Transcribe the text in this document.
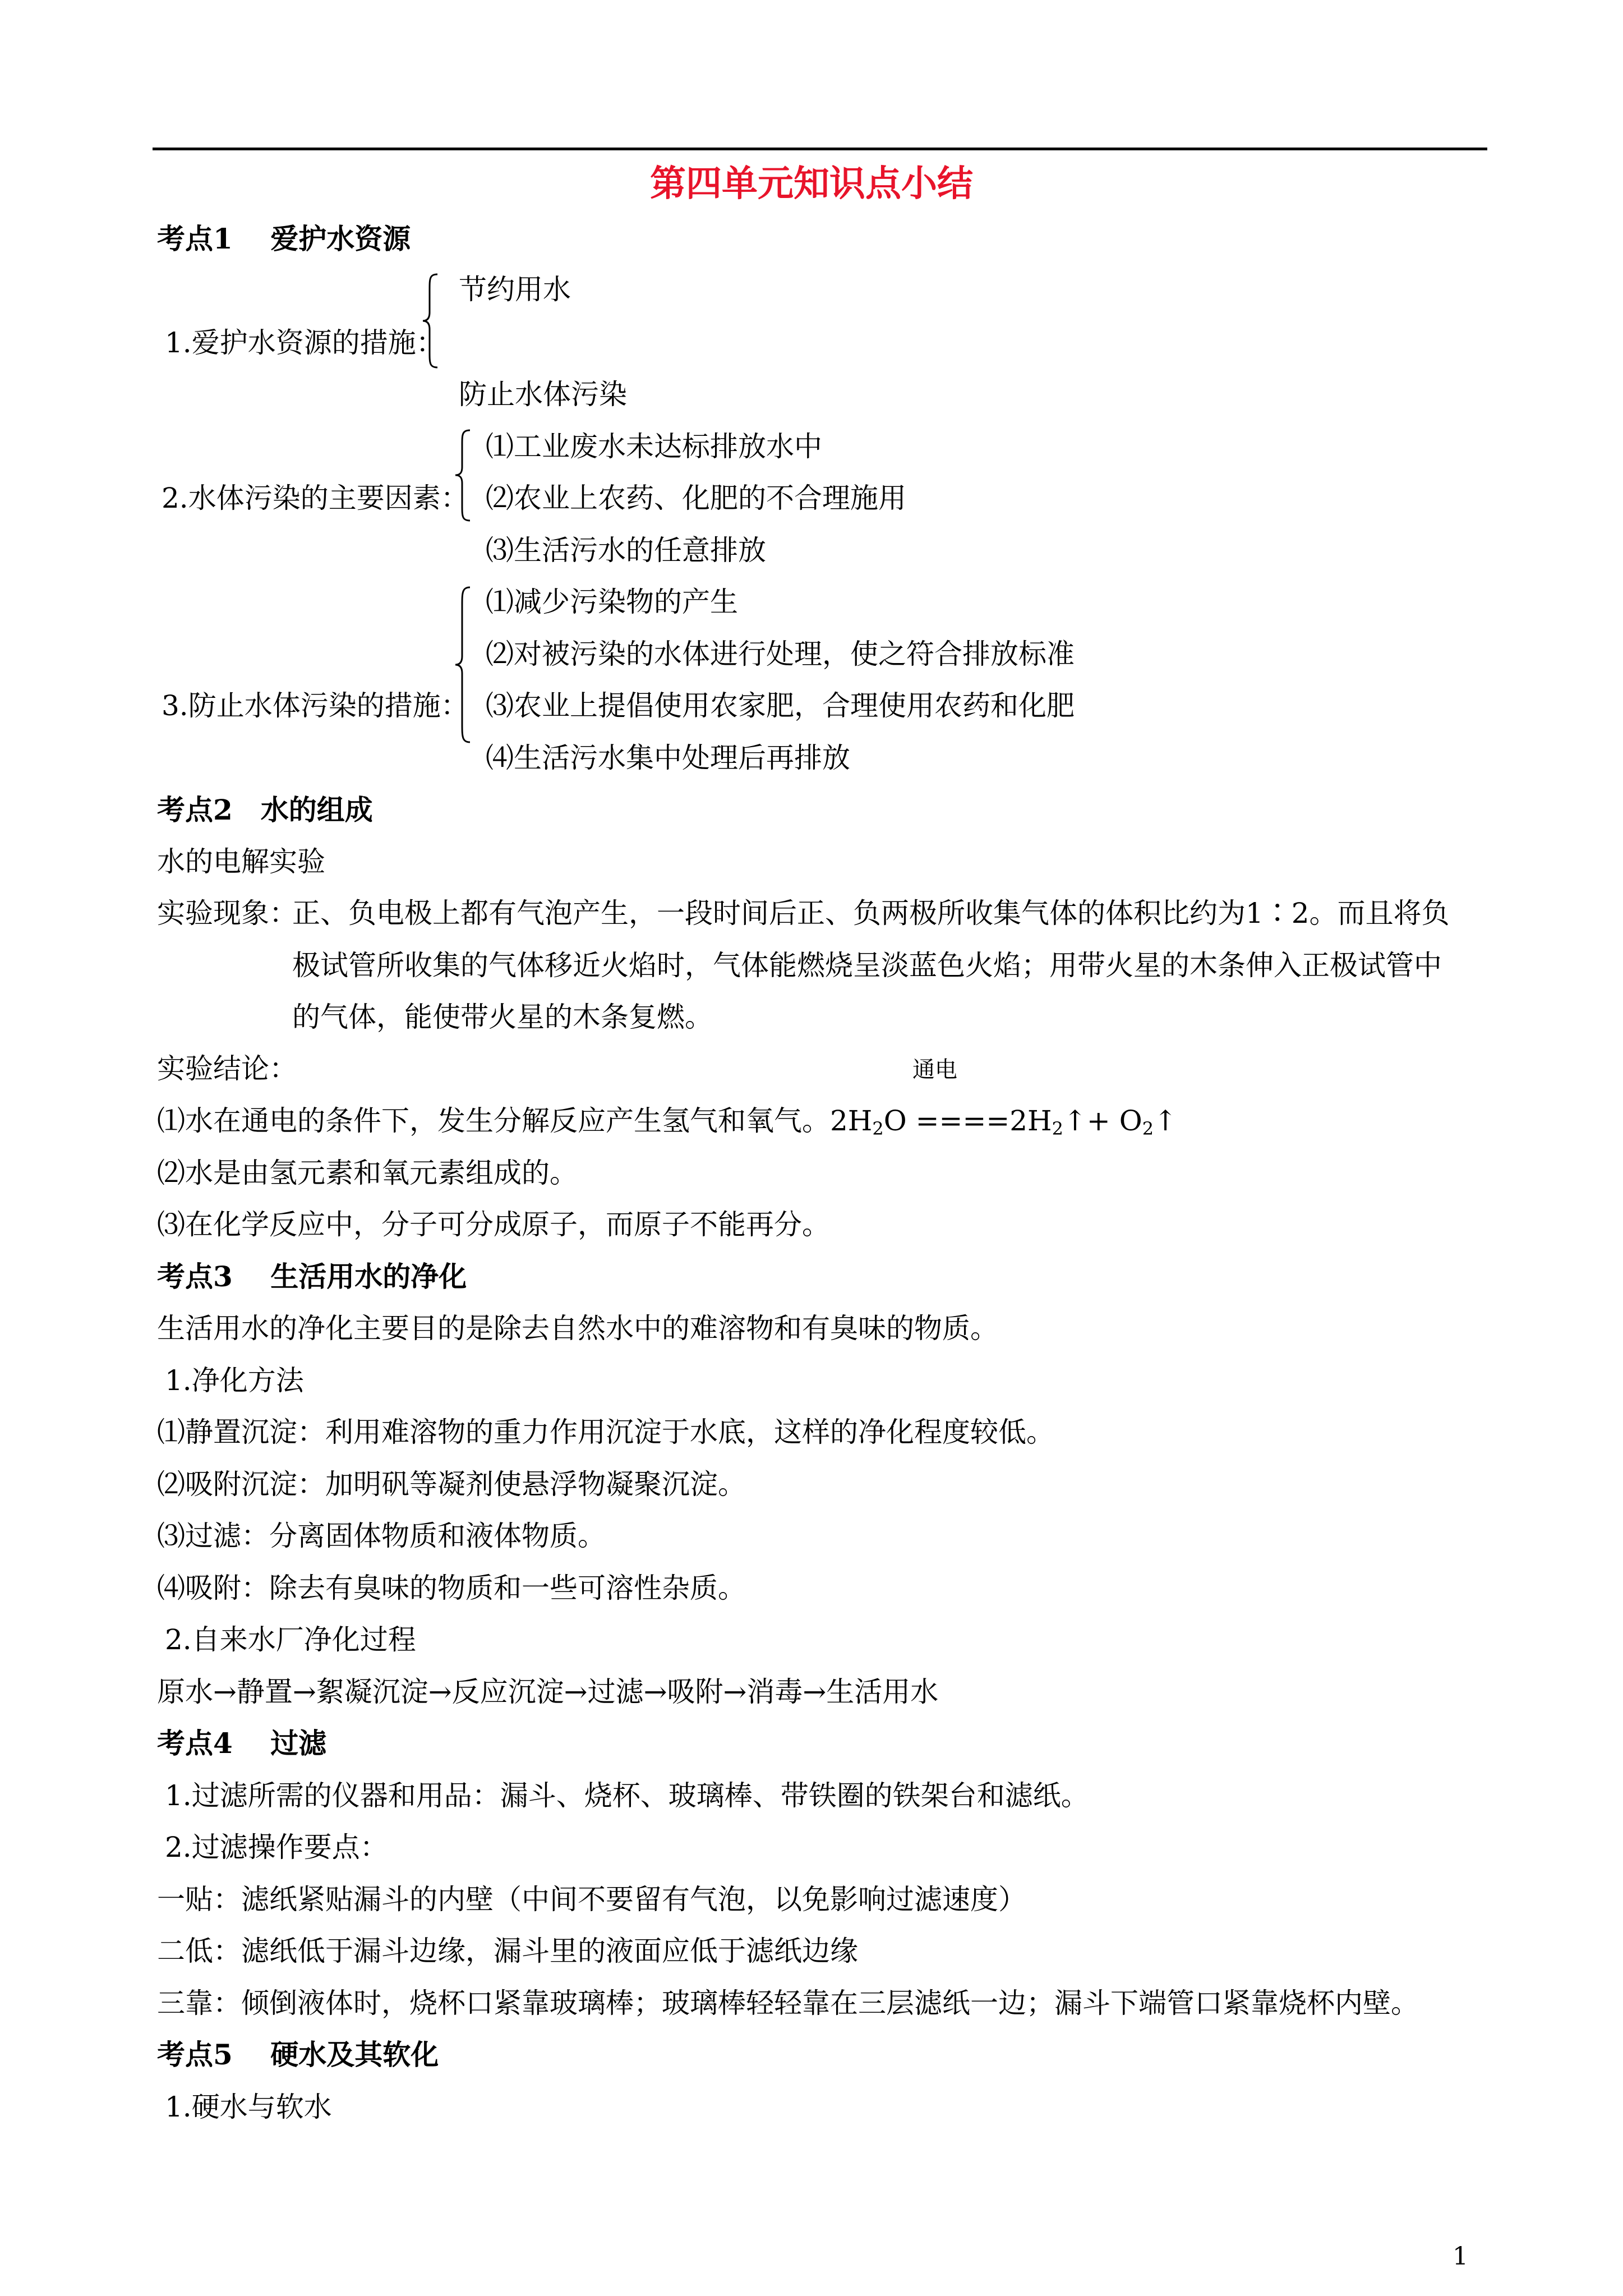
第四单元知识点小结
考点1　 爱护水资源
节约用水
1.爱护水资源的措施：
防止水体污染
⑴工业废水未达标排放水中
2.水体污染的主要因素： ⑵农业上农药、化肥的不合理施用
⑶生活污水的任意排放
⑴减少污染物的产生
⑵对被污染的水体进行处理，使之符合排放标准
3.防止水体污染的措施： ⑶农业上提倡使用农家肥，合理使用农药和化肥
⑷生活污水集中处理后再排放
考点2　水的组成
水的电解实验
实验现象：
正、负电极上都有气泡产生，一段时间后正、负两极所收集气体的体积比约为1∶2。而且将负
极试管所收集的气体移近火焰时，气体能燃烧呈淡蓝色火焰；用带火星的木条伸入正极试管中
的气体，能使带火星的木条复燃。
实验结论：	通电
⑴水在通电的条件下，发生分解反应产生氢气和氧气。$2H_2O$ $====2H_2↑+$ $O_2↑$
⑵水是由氢元素和氧元素组成的。
⑶在化学反应中，分子可分成原子，而原子不能再分。
考点3　 生活用水的净化
生活用水的净化主要目的是除去自然水中的难溶物和有臭味的物质。
1.净化方法
⑴静置沉淀：利用难溶物的重力作用沉淀于水底，这样的净化程度较低。
⑵吸附沉淀：加明矾等凝剂使悬浮物凝聚沉淀。
⑶过滤：分离固体物质和液体物质。
⑷吸附：除去有臭味的物质和一些可溶性杂质。
2.自来水厂净化过程
原水→静置→絮凝沉淀→反应沉淀→过滤→吸附→消毒→生活用水
考点4　 过滤
1.过滤所需的仪器和用品：漏斗、烧杯、玻璃棒、带铁圈的铁架台和滤纸。
2.过滤操作要点：
一贴：滤纸紧贴漏斗的内壁（中间不要留有气泡，以免影响过滤速度）
二低：滤纸低于漏斗边缘，漏斗里的液面应低于滤纸边缘
三靠：倾倒液体时，烧杯口紧靠玻璃棒；玻璃棒轻轻靠在三层滤纸一边；漏斗下端管口紧靠烧杯内壁。
考点5　 硬水及其软化
1.硬水与软水
1
